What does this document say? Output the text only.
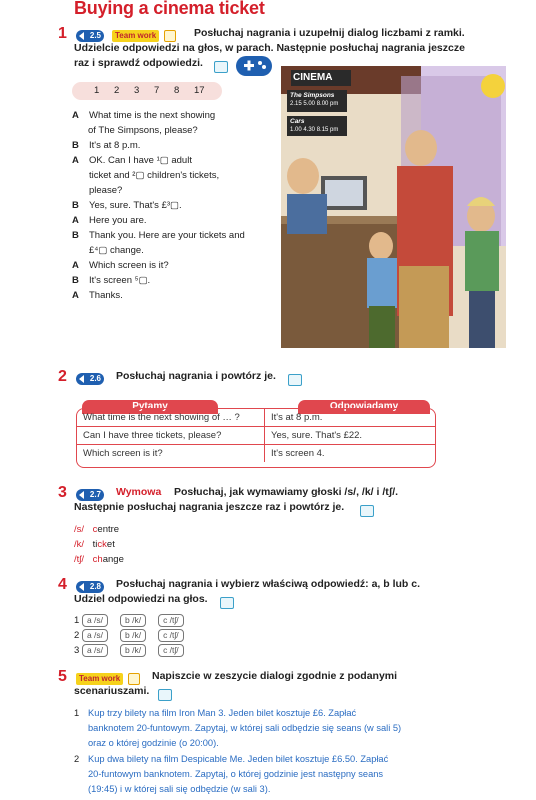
Buying a cinema ticket
1	2.5	Team work	Posłuchaj nagrania i uzupełnij dialog liczbami z ramki.
Udzielcie odpowiedzi na głos, w parach. Następnie posłuchaj nagrania jeszcze
raz i sprawdź odpowiedzi.
1 2 3 7 8 17
A What time is the next showing
of The Simpsons, please?
B It's at 8 p.m.
A OK. Can I have ¹▢ adult
ticket and ²▢ children's tickets,
please?
B Yes, sure. That's £³▢.
A Here you are.
B Thank you. Here are your tickets and
£⁴▢ change.
A Which screen is it?
B It's screen ⁵▢.
A Thanks.
CINEMA
The Simpsons
2.15 5.00 8.00 pm
Cars
1.00 4.30 8.15 pm
2	2.6 Posłuchaj nagrania i powtórz je.
Pytamy	Odpowiadamy
What time is the next showing of … ?	It's at 8 p.m.
Can I have three tickets, please?	Yes, sure. That's £22.
Which screen is it?	It's screen 4.
3	2.7 Wymowa Posłuchaj, jak wymawiamy głoski /s/, /k/ i /tʃ/.
Następnie posłuchaj nagrania jeszcze raz i powtórz je.
/s/ centre
/k/ ticket
/tʃ/ change
4	2.8 Posłuchaj nagrania i wybierz właściwą odpowiedź: a, b lub c.
Udziel odpowiedzi na głos.
1 a /s/	b /k/	c /tʃ/
2 a /s/	b /k/	c /tʃ/
3 a /s/	b /k/	c /tʃ/
5	Team work	Napiszcie w zeszycie dialogi zgodnie z podanymi
scenariuszami.
1 Kup trzy bilety na film Iron Man 3. Jeden bilet kosztuje £6. Zapłać
banknotem 20-funtowym. Zapytaj, w której sali odbędzie się seans (w sali 5)
oraz o której godzinie (o 20:00).
2 Kup dwa bilety na film Despicable Me. Jeden bilet kosztuje £6.50. Zapłać
20-funtowym banknotem. Zapytaj, o której godzinie jest następny seans
(19:45) i w której sali się odbędzie (w sali 3).
